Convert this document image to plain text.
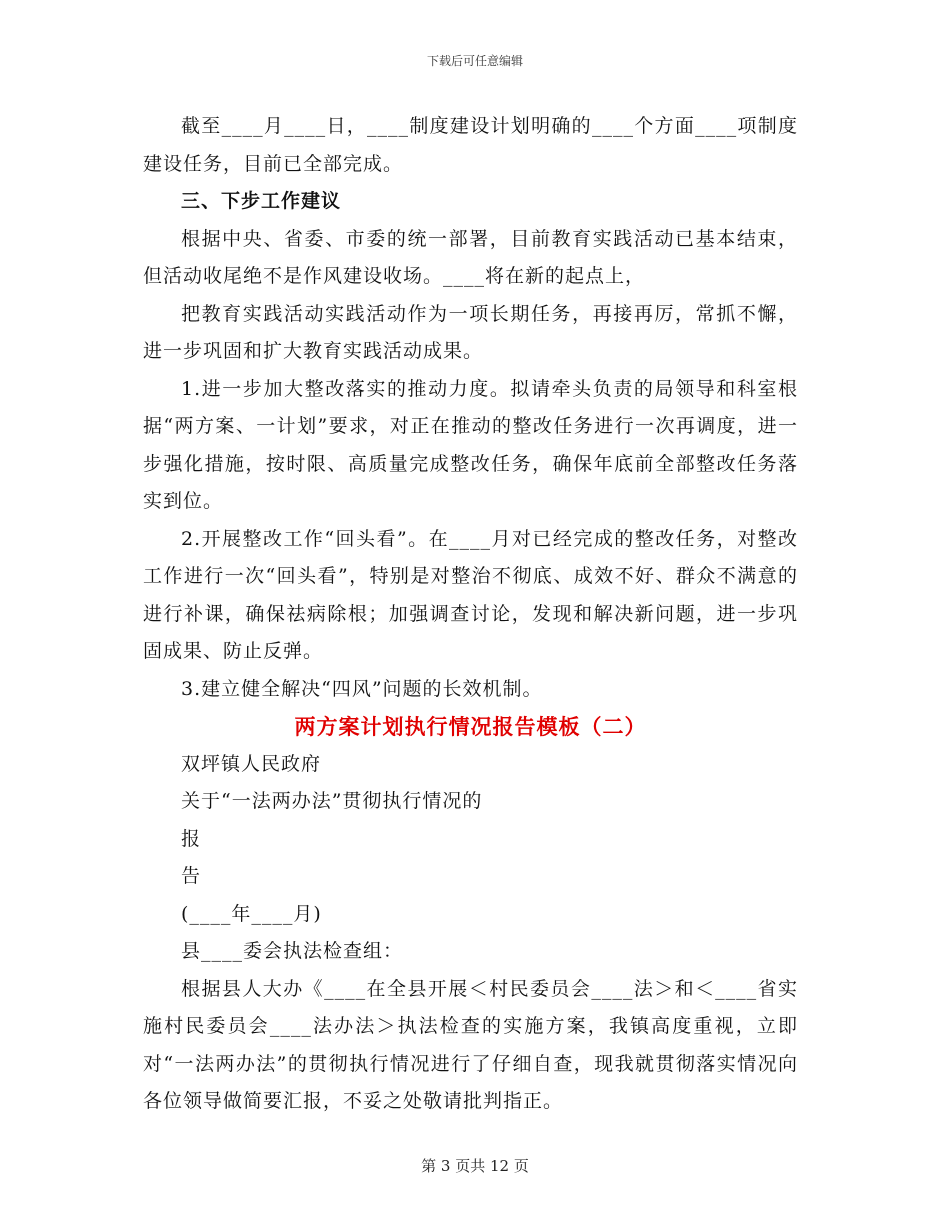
下载后可任意编辑

截至____月____日，____制度建设计划明确的____个方面____项制度建设任务，目前已全部完成。

三、下步工作建议

根据中央、省委、市委的统一部署，目前教育实践活动已基本结束，但活动收尾绝不是作风建设收场。____将在新的起点上，

把教育实践活动实践活动作为一项长期任务，再接再厉，常抓不懈，进一步巩固和扩大教育实践活动成果。

1.进一步加大整改落实的推动力度。拟请牵头负责的局领导和科室根据“两方案、一计划”要求，对正在推动的整改任务进行一次再调度，进一步强化措施，按时限、高质量完成整改任务，确保年底前全部整改任务落实到位。

2.开展整改工作“回头看”。在____月对已经完成的整改任务，对整改工作进行一次“回头看”，特别是对整治不彻底、成效不好、群众不满意的进行补课，确保祛病除根；加强调查讨论，发现和解决新问题，进一步巩固成果、防止反弹。

3.建立健全解决“四风”问题的长效机制。

两方案计划执行情况报告模板（二）

双坪镇人民政府

关于“一法两办法”贯彻执行情况的

报

告

(____年____月)

县____委会执法检查组：

根据县人大办《____在全县开展＜村民委员会____法＞和＜____省实施村民委员会____法办法＞执法检查的实施方案，我镇高度重视，立即对“一法两办法”的贯彻执行情况进行了仔细自查，现我就贯彻落实情况向各位领导做简要汇报，不妥之处敬请批判指正。

第 3 页共 12 页
